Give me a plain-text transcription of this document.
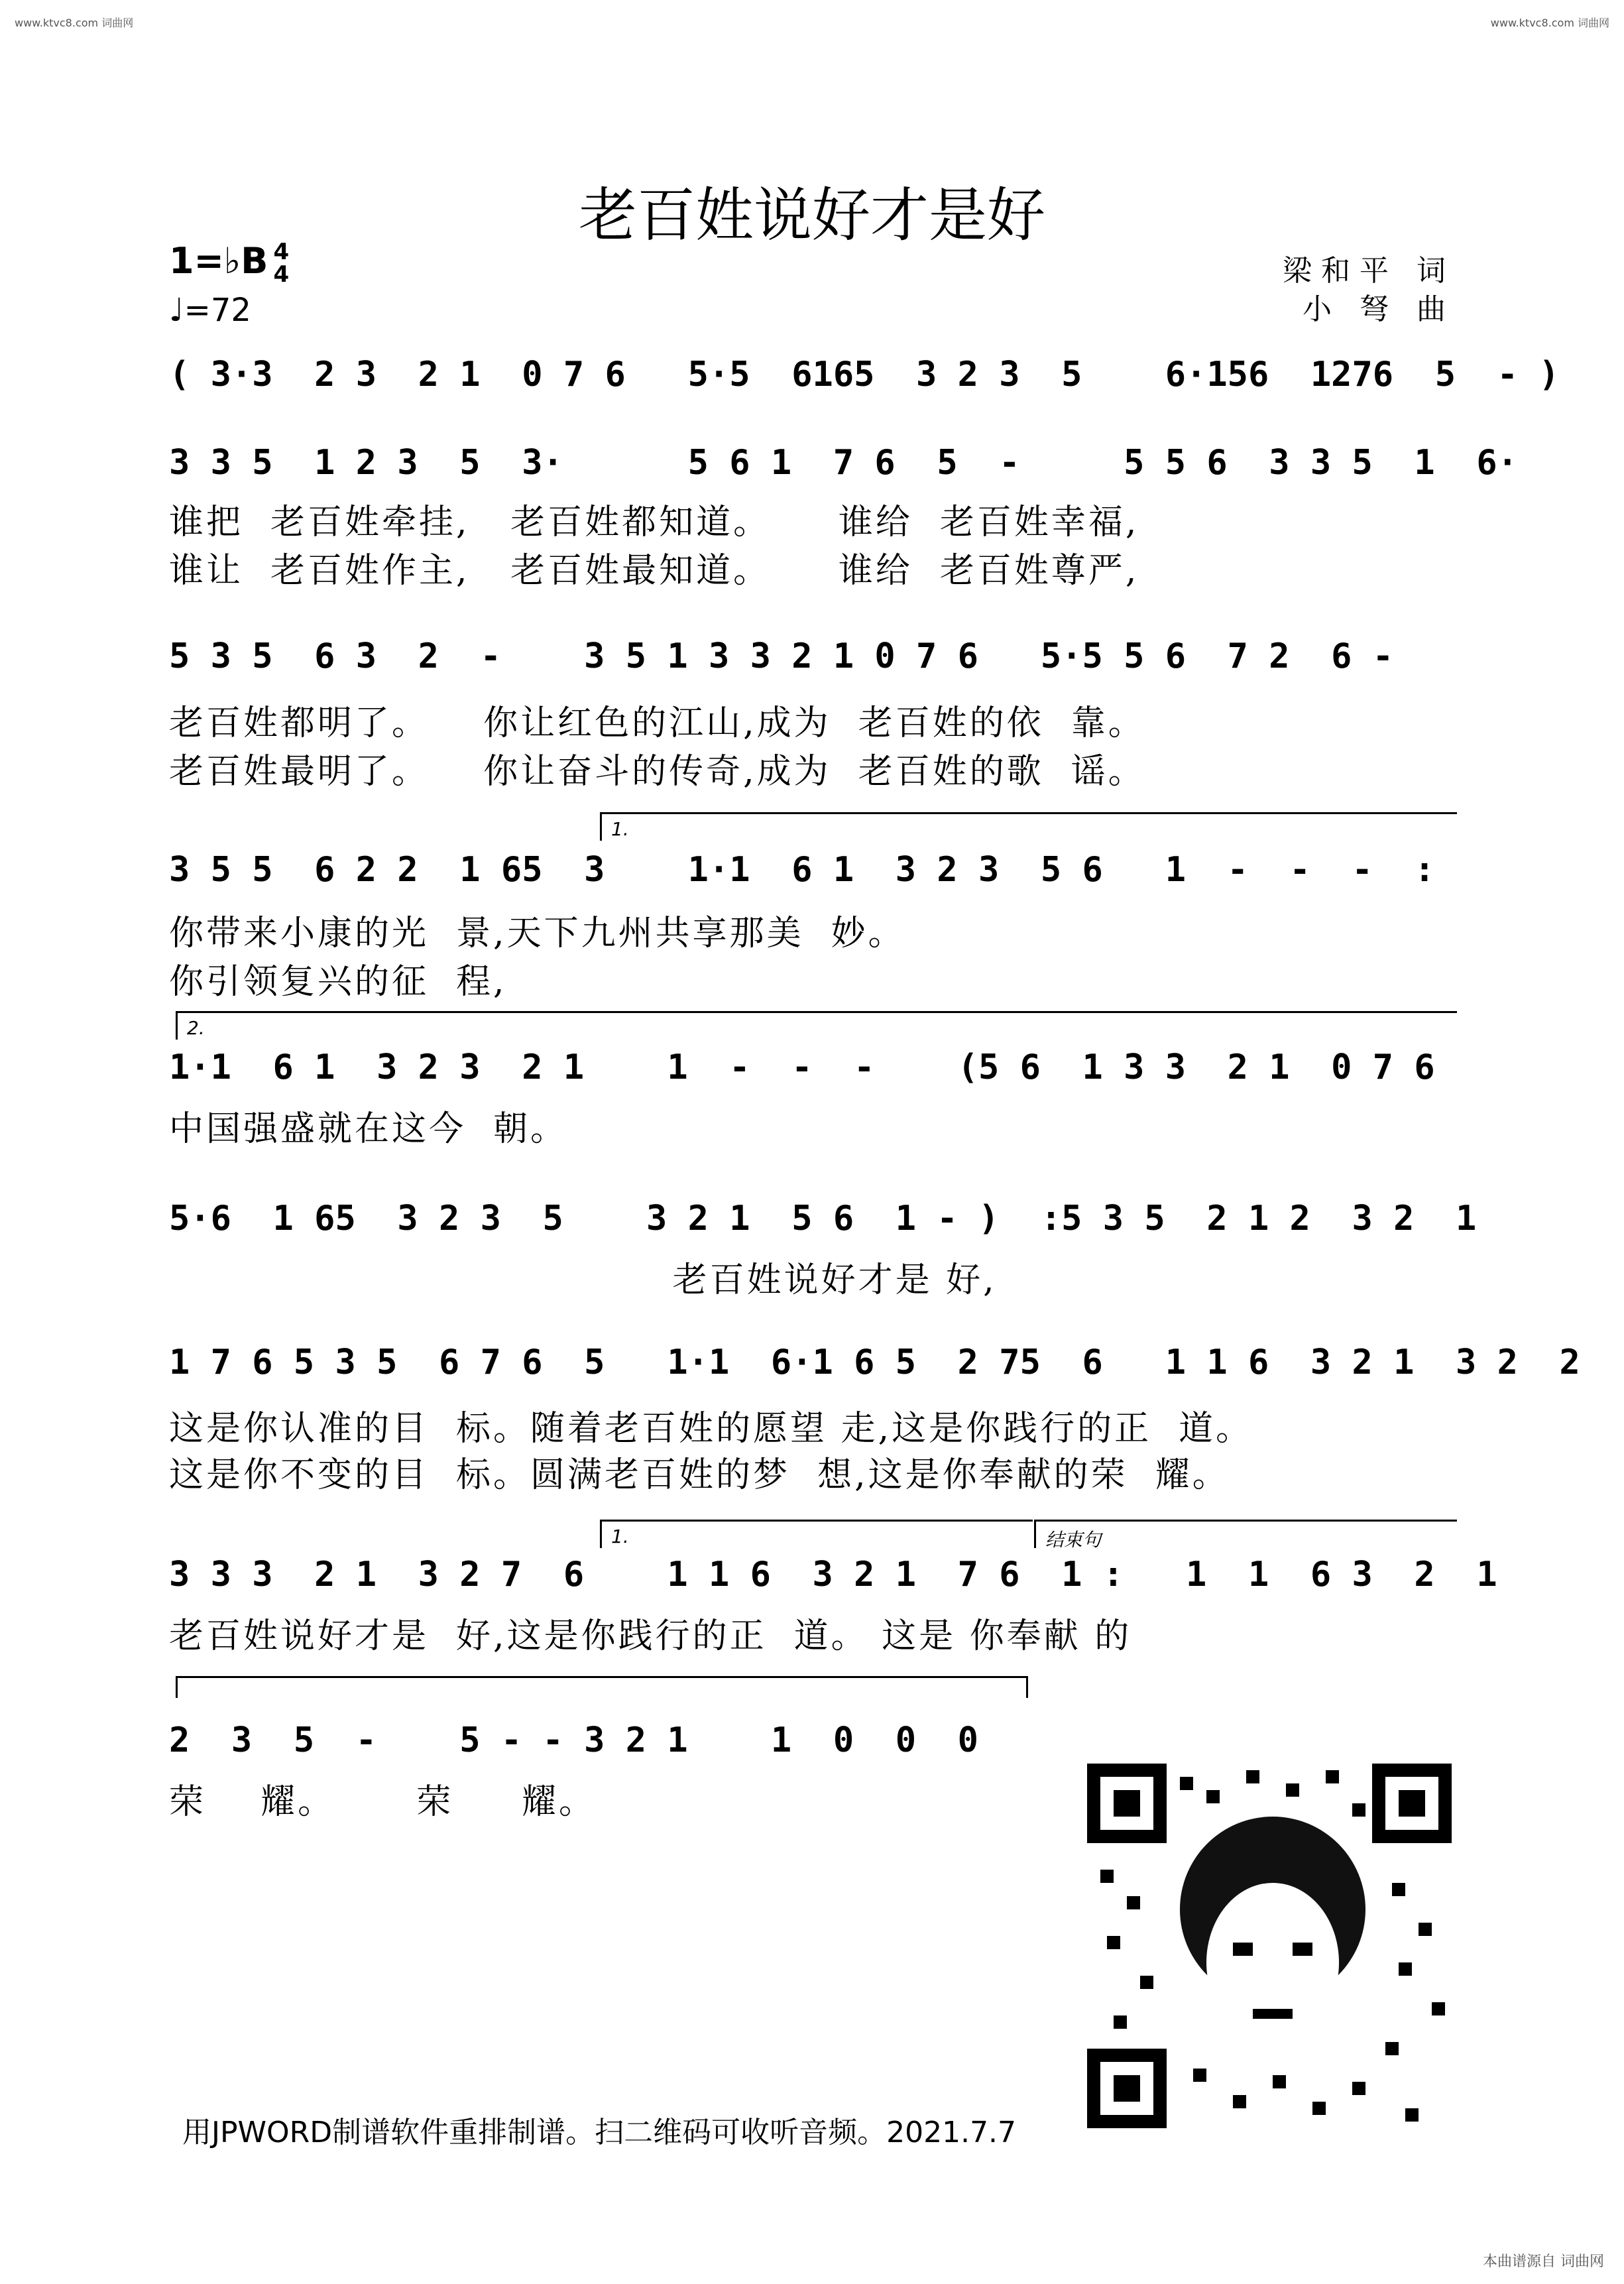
www.ktvc8.com 词曲网	www.ktvc8.com 词曲网
老百姓说好才是好
1=♭B 4
4
♩=72
梁和平 词
小 弩 曲
( 3·3  2 3  2 1  0 7 6   5·5  6165  3 2 3  5    6·156  1276  5  - )
3 3 5  1 2 3  5  3·      5 6 1  7 6  5  -     5 5 6  3 3 5  1  6·
谁把  老百姓牵挂,   老百姓都知道。     谁给  老百姓幸福,
谁让  老百姓作主,   老百姓最知道。     谁给  老百姓尊严,
5 3 5  6 3  2  -    3 5 1 3 3 2 1 0 7 6   5·5 5 6  7 2  6 -
老百姓都明了。    你让红色的江山,成为  老百姓的依  靠。
老百姓最明了。    你让奋斗的传奇,成为  老百姓的歌  谣。
1.
3 5 5  6 2 2  1 65  3    1·1  6 1  3 2 3  5 6   1  -  -  -  :
你带来小康的光  景,天下九州共享那美  妙。
你引领复兴的征  程,
2.
1·1  6 1  3 2 3  2 1    1  -  -  -    (5 6  1 3 3  2 1  0 7 6
中国强盛就在这今  朝。
5·6  1 65  3 2 3  5    3 2 1  5 6  1 - )  :5 3 5  2 1 2  3 2  1
老百姓说好才是 好,
1 7 6 5 3 5  6 7 6  5   1·1  6·1 6 5  2 75  6   1 1 6  3 2 1  3 2  2
这是你认准的目  标。随着老百姓的愿望 走,这是你践行的正  道。
这是你不变的目  标。圆满老百姓的梦  想,这是你奉献的荣  耀。
1.	结束句
3 3 3  2 1  3 2 7  6    1 1 6  3 2 1  7 6  1 :   1  1  6 3  2  1
老百姓说好才是  好,这是你践行的正  道。 这是 你奉献 的
2  3  5  -    5 - - 3 2 1    1  0  0  0
荣    耀。      荣     耀。
用JPWORD制谱软件重排制谱。扫二维码可收听音频。2021.7.7
本曲谱源自 词曲网
